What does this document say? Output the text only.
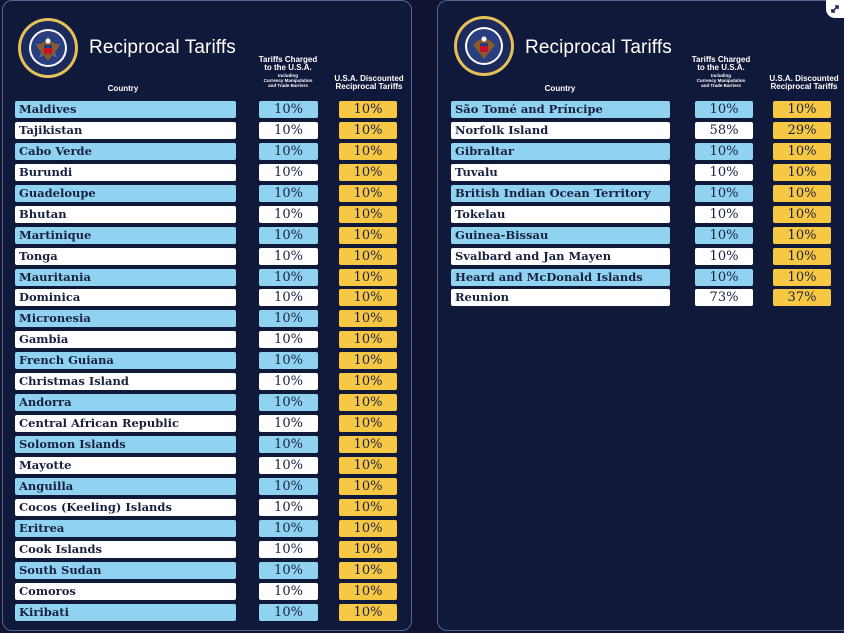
Reciprocal Tariffs
Country
Tariffs Charged
to the U.S.A.
Including
Currency Manipulation
and Trade Barriers
U.S.A. Discounted
Reciprocal Tariffs
Maldives	10%	10%
Tajikistan	10%	10%
Cabo Verde	10%	10%
Burundi	10%	10%
Guadeloupe	10%	10%
Bhutan	10%	10%
Martinique	10%	10%
Tonga	10%	10%
Mauritania	10%	10%
Dominica	10%	10%
Micronesia	10%	10%
Gambia	10%	10%
French Guiana	10%	10%
Christmas Island	10%	10%
Andorra	10%	10%
Central African Republic	10%	10%
Solomon Islands	10%	10%
Mayotte	10%	10%
Anguilla	10%	10%
Cocos (Keeling) Islands	10%	10%
Eritrea	10%	10%
Cook Islands	10%	10%
South Sudan	10%	10%
Comoros	10%	10%
Kiribati	10%	10%
Reciprocal Tariffs
Country
Tariffs Charged
to the U.S.A.
Including
Currency Manipulation
and Trade Barriers
U.S.A. Discounted
Reciprocal Tariffs
São Tomé and Príncipe	10%	10%
Norfolk Island	58%	29%
Gibraltar	10%	10%
Tuvalu	10%	10%
British Indian Ocean Territory	10%	10%
Tokelau	10%	10%
Guinea-Bissau	10%	10%
Svalbard and Jan Mayen	10%	10%
Heard and McDonald Islands	10%	10%
Reunion	73%	37%
